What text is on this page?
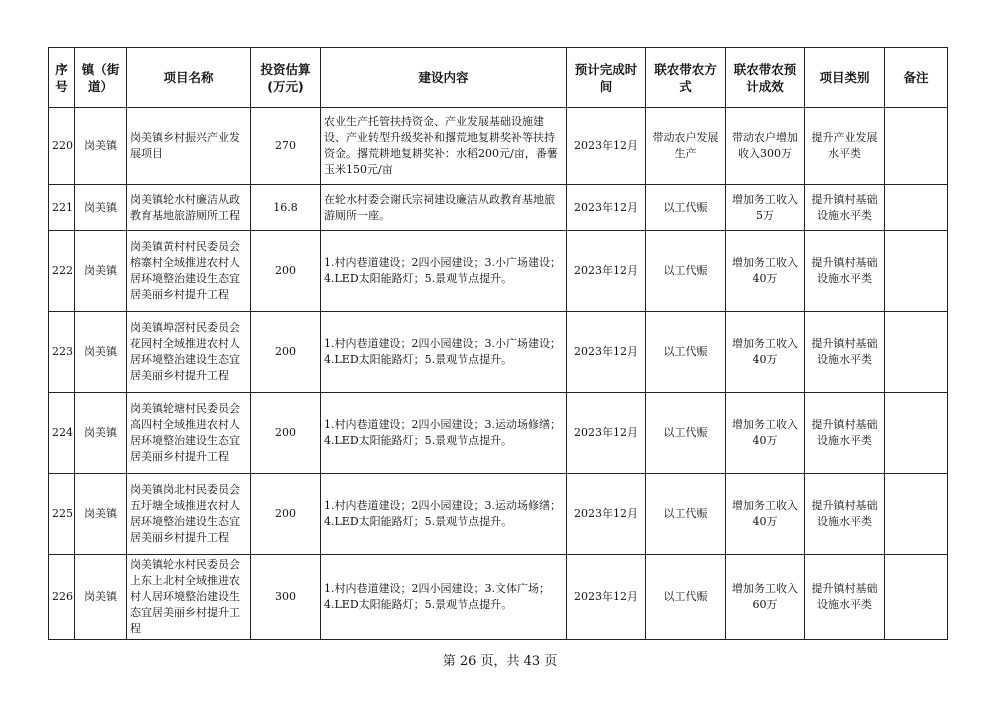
序号	镇（街道）	项目名称	投资估算(万元)	建设内容	预计完成时间	联农带农方式	联农带农预计成效	项目类别	备注
220	岗美镇	岗美镇乡村振兴产业发展项目	270	农业生产托管扶持资金、产业发展基础设施建设、产业转型升级奖补和撂荒地复耕奖补等扶持资金。撂荒耕地复耕奖补：水稻200元/亩，番薯玉米150元/亩	2023年12月	带动农户发展生产	带动农户增加收入300万	提升产业发展水平类	
221	岗美镇	岗美镇轮水村廉洁从政教育基地旅游厕所工程	16.8	在轮水村委会谢氏宗祠建设廉洁从政教育基地旅游厕所一座。	2023年12月	以工代赈	增加务工收入5万	提升镇村基础设施水平类	
222	岗美镇	岗美镇黄村村民委员会榕寨村全域推进农村人居环境整治建设生态宜居美丽乡村提升工程	200	1.村内巷道建设；2四小园建设；3.小广场建设；4.LED太阳能路灯；5.景观节点提升。	2023年12月	以工代赈	增加务工收入40万	提升镇村基础设施水平类	
223	岗美镇	岗美镇埠滘村民委员会花园村全域推进农村人居环境整治建设生态宜居美丽乡村提升工程	200	1.村内巷道建设；2四小园建设；3.小广场建设；4.LED太阳能路灯；5.景观节点提升。	2023年12月	以工代赈	增加务工收入40万	提升镇村基础设施水平类	
224	岗美镇	岗美镇轮塘村民委员会高四村全域推进农村人居环境整治建设生态宜居美丽乡村提升工程	200	1.村内巷道建设；2四小园建设；3.运动场修缮；4.LED太阳能路灯；5.景观节点提升。	2023年12月	以工代赈	增加务工收入40万	提升镇村基础设施水平类	
225	岗美镇	岗美镇岗北村民委员会五圩塘全域推进农村人居环境整治建设生态宜居美丽乡村提升工程	200	1.村内巷道建设；2四小园建设；3.运动场修缮；4.LED太阳能路灯；5.景观节点提升。	2023年12月	以工代赈	增加务工收入40万	提升镇村基础设施水平类	
226	岗美镇	岗美镇轮水村民委员会上东上北村全域推进农村人居环境整治建设生态宜居美丽乡村提升工程	300	1.村内巷道建设；2四小园建设；3.文体广场；4.LED太阳能路灯；5.景观节点提升。	2023年12月	以工代赈	增加务工收入60万	提升镇村基础设施水平类	
第 26 页，共 43 页
